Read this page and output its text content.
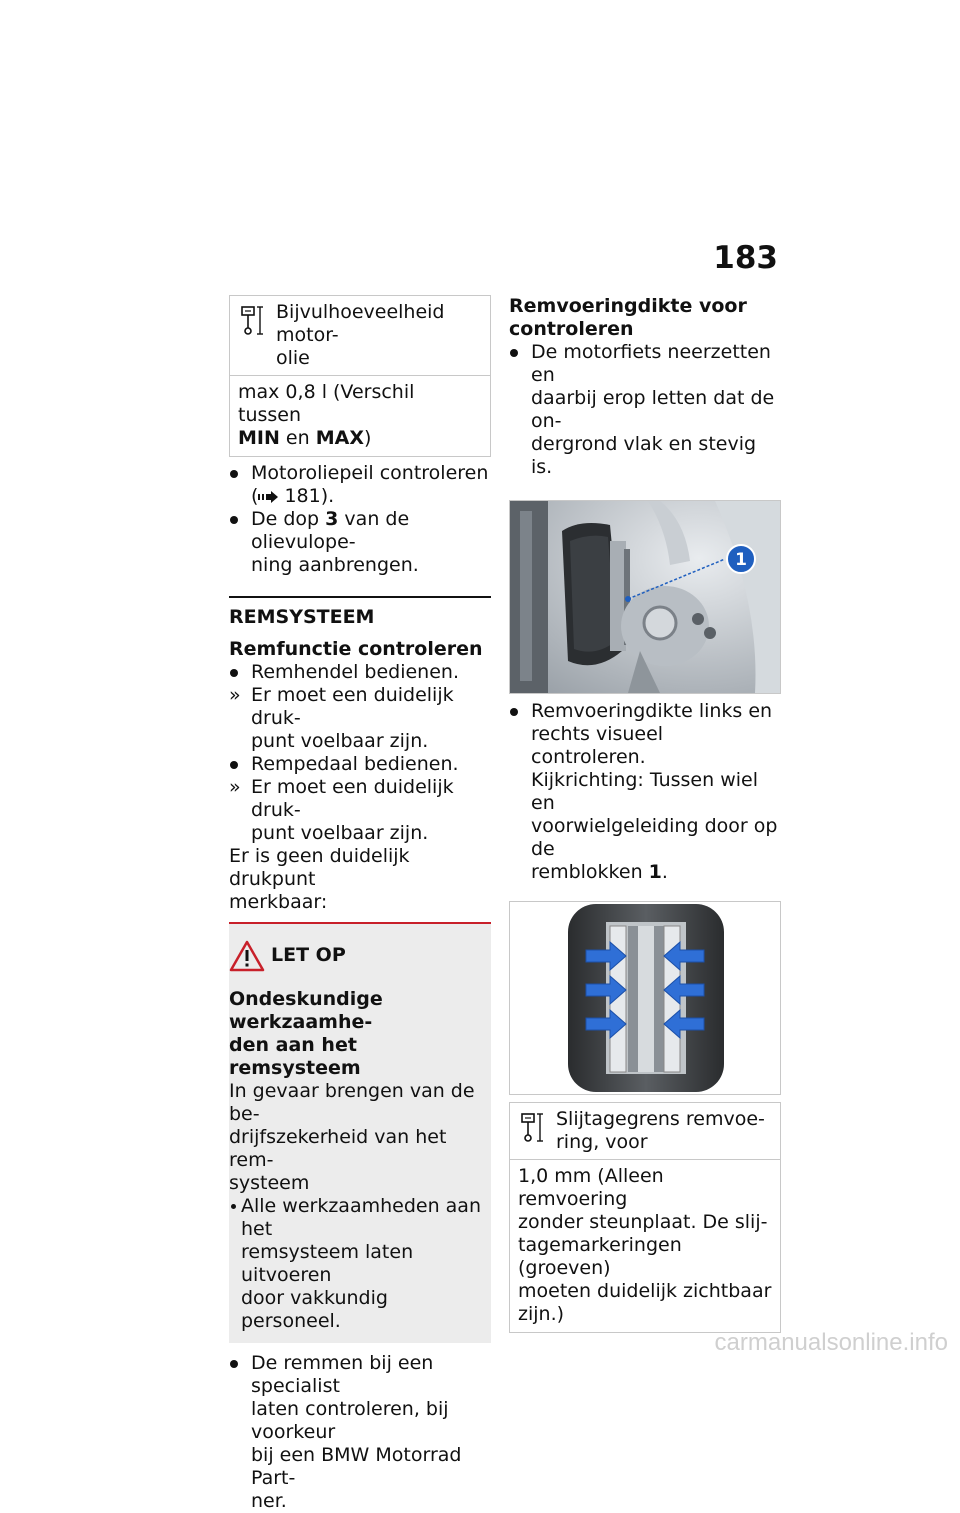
183
Bijvulhoeveelheid motor-
olie
max 0,8 l (Verschil tussen
MIN en MAX)
Motoroliepeil controleren
( 181).
De dop 3 van de olievulope-
ning aanbrengen.
REMSYSTEEM
Remfunctie controleren
Remhendel bedienen.
» Er moet een duidelijk druk-
punt voelbaar zijn.
Rempedaal bedienen.
» Er moet een duidelijk druk-
punt voelbaar zijn.
Er is geen duidelijk drukpunt
merkbaar:
LET OP
Ondeskundige werkzaamhe-
den aan het remsysteem
In gevaar brengen van de be-
drijfszekerheid van het rem-
systeem
Alle werkzaamheden aan het
remsysteem laten uitvoeren
door vakkundig personeel.
De remmen bij een specialist
laten controleren, bij voorkeur
bij een BMW Motorrad Part-
ner.
Remvoeringdikte voor
controleren
De motorfiets neerzetten en
daarbij erop letten dat de on-
dergrond vlak en stevig is.
1
Remvoeringdikte links en
rechts visueel controleren.
Kijkrichting: Tussen wiel en
voorwielgeleiding door op de
remblokken 1.
Slijtagegrens remvoe-
ring, voor
1,0 mm (Alleen remvoering
zonder steunplaat. De slij-
tagemarkeringen (groeven)
moeten duidelijk zichtbaar
zijn.)
carmanualsonline.info
